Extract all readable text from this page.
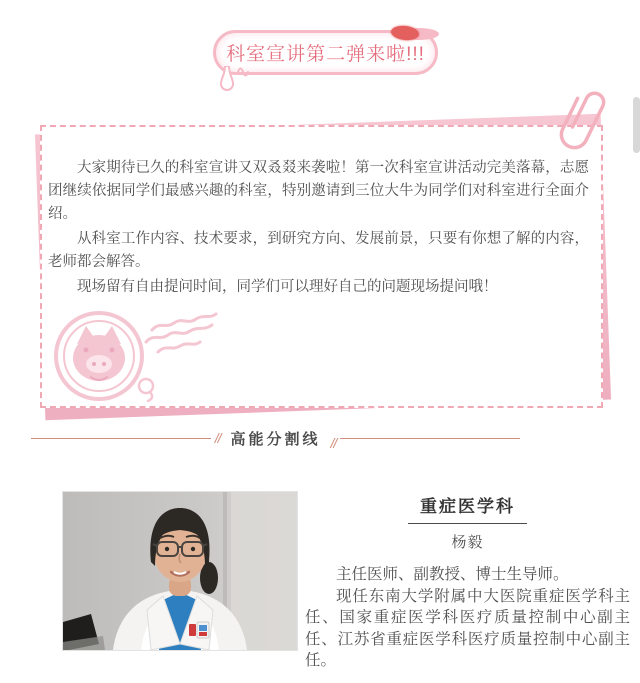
科室宣讲第二弹来啦!!!

大家期待已久的科室宣讲又双叒叕来袭啦！第一次科室宣讲活动完美落幕，志愿团继续依据同学们最感兴趣的科室，特别邀请到三位大牛为同学们对科室进行全面介绍。

从科室工作内容、技术要求，到研究方向、发展前景，只要有你想了解的内容，老师都会解答。

现场留有自由提问时间，同学们可以理好自己的问题现场提问哦！

// 高能分割线 //
重症医学科
杨毅

主任医师、副教授、博士生导师。

现任东南大学附属中大医院重症医学科主任、国家重症医学科医疗质量控制中心副主任、江苏省重症医学科医疗质量控制中心副主任。
